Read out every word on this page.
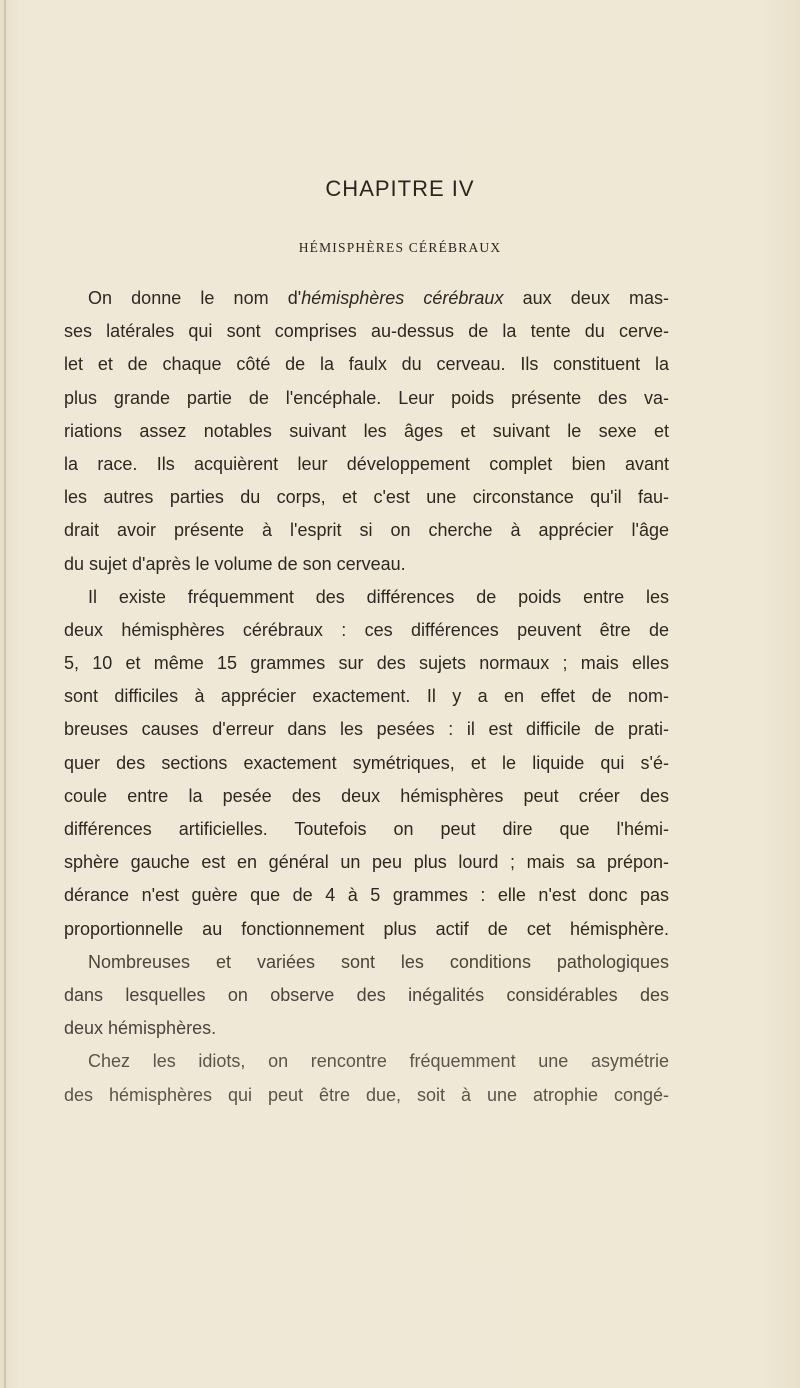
CHAPITRE IV
HÉMISPHÈRES CÉRÉBRAUX
On donne le nom d'hémisphères cérébraux aux deux mas-
ses latérales qui sont comprises au-dessus de la tente du cerve-
let et de chaque côté de la faulx du cerveau. Ils constituent la
plus grande partie de l'encéphale. Leur poids présente des va-
riations assez notables suivant les âges et suivant le sexe et
la race. Ils acquièrent leur développement complet bien avant
les autres parties du corps, et c'est une circonstance qu'il fau-
drait avoir présente à l'esprit si on cherche à apprécier l'âge
du sujet d'après le volume de son cerveau.
Il existe fréquemment des différences de poids entre les
deux hémisphères cérébraux : ces différences peuvent être de
5, 10 et même 15 grammes sur des sujets normaux ; mais elles
sont difficiles à apprécier exactement. Il y a en effet de nom-
breuses causes d'erreur dans les pesées : il est difficile de prati-
quer des sections exactement symétriques, et le liquide qui s'é-
coule entre la pesée des deux hémisphères peut créer des
différences artificielles. Toutefois on peut dire que l'hémi-
sphère gauche est en général un peu plus lourd ; mais sa prépon-
dérance n'est guère que de 4 à 5 grammes : elle n'est donc pas
proportionnelle au fonctionnement plus actif de cet hémisphère.
Nombreuses et variées sont les conditions pathologiques
dans lesquelles on observe des inégalités considérables des
deux hémisphères.
Chez les idiots, on rencontre fréquemment une asymétrie
des hémisphères qui peut être due, soit à une atrophie congé-
